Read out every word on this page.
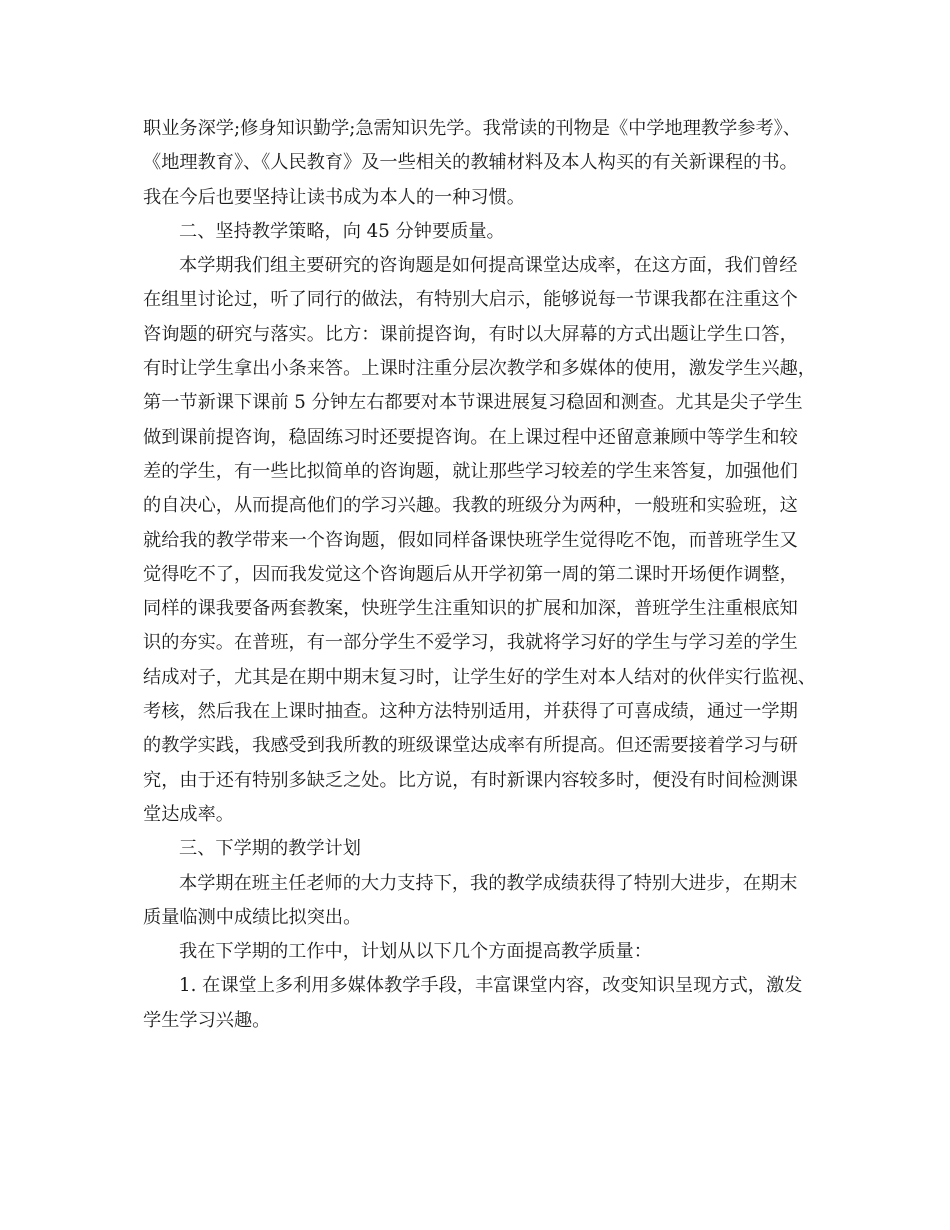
职业务深学;修身知识勤学;急需知识先学。我常读的刊物是《中学地理教学参考》、
《地理教育》、《人民教育》及一些相关的教辅材料及本人构买的有关新课程的书。
我在今后也要坚持让读书成为本人的一种习惯。
二、坚持教学策略，向 45 分钟要质量。
本学期我们组主要研究的咨询题是如何提高课堂达成率，在这方面，我们曾经
在组里讨论过，听了同行的做法，有特别大启示，能够说每一节课我都在注重这个
咨询题的研究与落实。比方：课前提咨询，有时以大屏幕的方式出题让学生口答，
有时让学生拿出小条来答。上课时注重分层次教学和多媒体的使用，激发学生兴趣，
第一节新课下课前 5 分钟左右都要对本节课进展复习稳固和测查。尤其是尖子学生
做到课前提咨询，稳固练习时还要提咨询。在上课过程中还留意兼顾中等学生和较
差的学生，有一些比拟简单的咨询题，就让那些学习较差的学生来答复，加强他们
的自决心，从而提高他们的学习兴趣。我教的班级分为两种，一般班和实验班，这
就给我的教学带来一个咨询题，假如同样备课快班学生觉得吃不饱，而普班学生又
觉得吃不了，因而我发觉这个咨询题后从开学初第一周的第二课时开场便作调整，
同样的课我要备两套教案，快班学生注重知识的扩展和加深，普班学生注重根底知
识的夯实。在普班，有一部分学生不爱学习，我就将学习好的学生与学习差的学生
结成对子，尤其是在期中期末复习时，让学生好的学生对本人结对的伙伴实行监视、
考核，然后我在上课时抽查。这种方法特别适用，并获得了可喜成绩，通过一学期
的教学实践，我感受到我所教的班级课堂达成率有所提高。但还需要接着学习与研
究，由于还有特别多缺乏之处。比方说，有时新课内容较多时，便没有时间检测课
堂达成率。
三、下学期的教学计划
本学期在班主任老师的大力支持下，我的教学成绩获得了特别大进步，在期末
质量临测中成绩比拟突出。
我在下学期的工作中，计划从以下几个方面提高教学质量：
1. 在课堂上多利用多媒体教学手段，丰富课堂内容，改变知识呈现方式，激发
学生学习兴趣。
